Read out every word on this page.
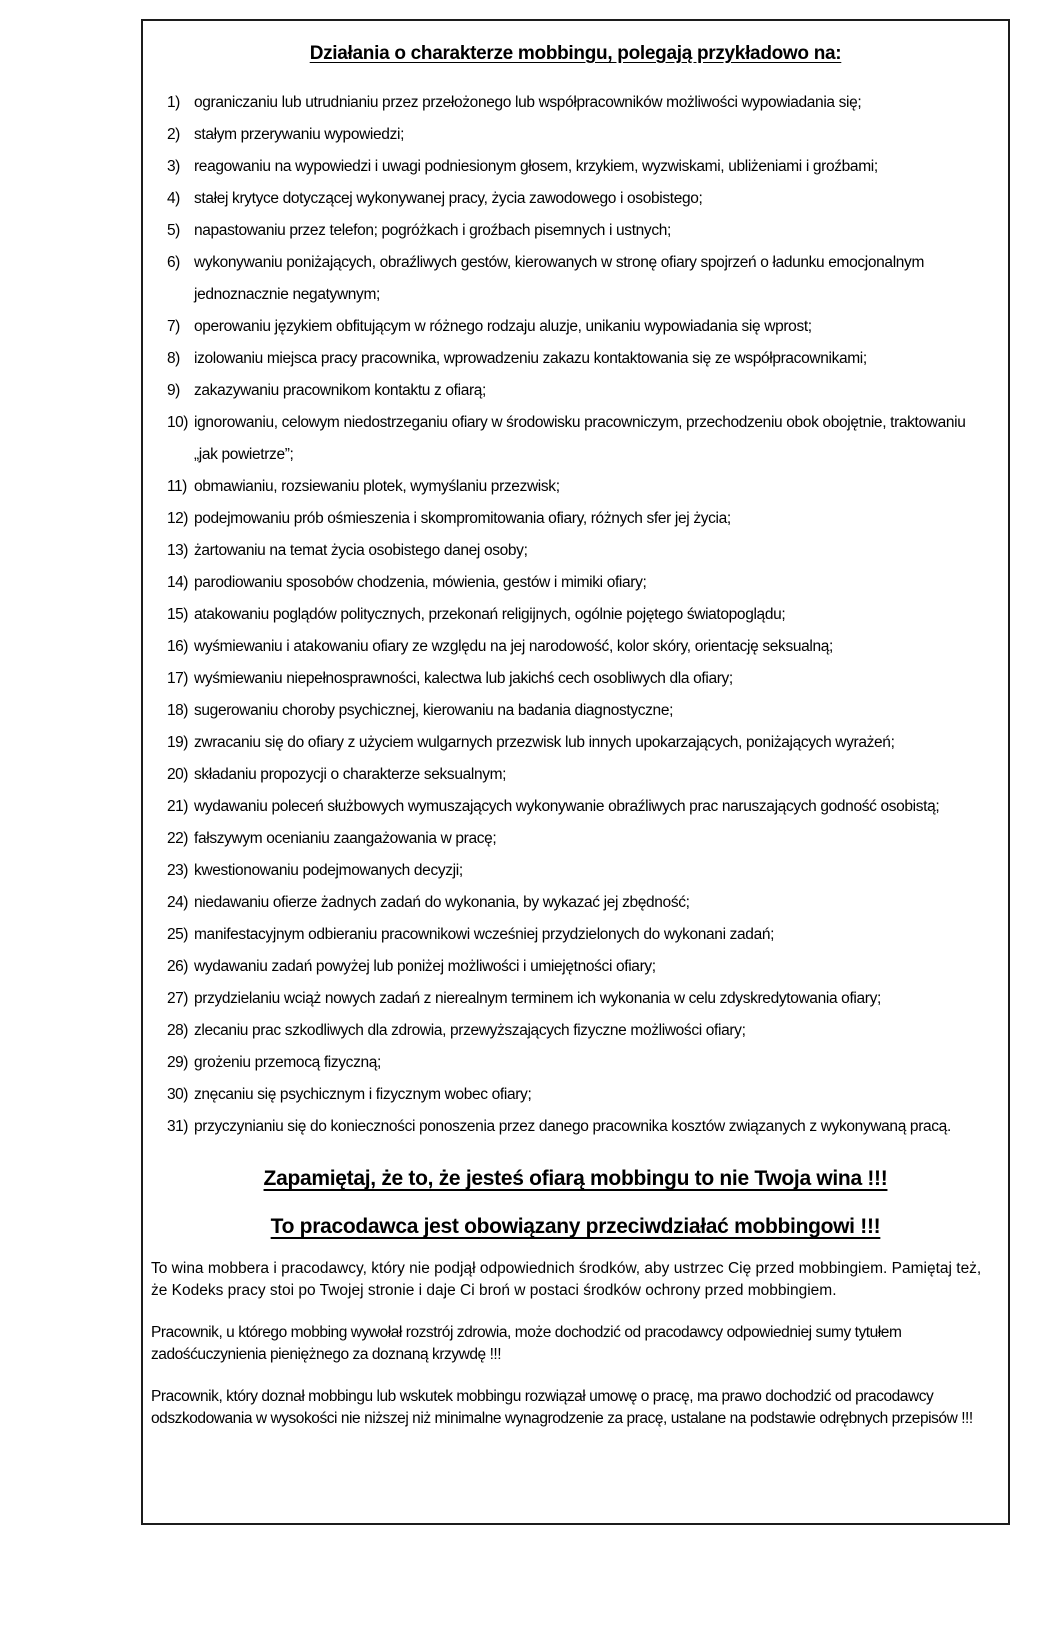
Działania o charakterze mobbingu, polegają przykładowo na:
1) ograniczaniu lub utrudnianiu przez przełożonego lub współpracowników możliwości wypowiadania się;
2) stałym przerywaniu wypowiedzi;
3) reagowaniu na wypowiedzi i uwagi podniesionym głosem, krzykiem, wyzwiskami, ubliżeniami i groźbami;
4) stałej krytyce dotyczącej wykonywanej pracy, życia zawodowego i osobistego;
5) napastowaniu przez telefon; pogróżkach i groźbach pisemnych i ustnych;
6) wykonywaniu poniżających, obraźliwych gestów, kierowanych w stronę ofiary spojrzeń o ładunku emocjonalnym jednoznacznie negatywnym;
7) operowaniu językiem obfitującym w różnego rodzaju aluzje, unikaniu wypowiadania się wprost;
8) izolowaniu miejsca pracy pracownika, wprowadzeniu zakazu kontaktowania się ze współpracownikami;
9) zakazywaniu pracownikom kontaktu z ofiarą;
10) ignorowaniu, celowym niedostrzeganiu ofiary w środowisku pracowniczym, przechodzeniu obok obojętnie, traktowaniu „jak powietrze”;
11) obmawianiu, rozsiewaniu plotek, wymyślaniu przezwisk;
12) podejmowaniu prób ośmieszenia i skompromitowania ofiary, różnych sfer jej życia;
13) żartowaniu na temat życia osobistego danej osoby;
14) parodiowaniu sposobów chodzenia, mówienia, gestów i mimiki ofiary;
15) atakowaniu poglądów politycznych, przekonań religijnych, ogólnie pojętego światopoglądu;
16) wyśmiewaniu i atakowaniu ofiary ze względu na jej narodowość, kolor skóry, orientację seksualną;
17) wyśmiewaniu niepełnosprawności, kalectwa lub jakichś cech osobliwych dla ofiary;
18) sugerowaniu choroby psychicznej, kierowaniu na badania diagnostyczne;
19) zwracaniu się do ofiary z użyciem wulgarnych przezwisk lub innych upokarzających, poniżających wyrażeń;
20) składaniu propozycji o charakterze seksualnym;
21) wydawaniu poleceń służbowych wymuszających wykonywanie obraźliwych prac naruszających godność osobistą;
22) fałszywym ocenianiu zaangażowania w pracę;
23) kwestionowaniu podejmowanych decyzji;
24) niedawaniu ofierze żadnych zadań do wykonania, by wykazać jej zbędność;
25) manifestacyjnym odbieraniu pracownikowi wcześniej przydzielonych do wykonani zadań;
26) wydawaniu zadań powyżej lub poniżej możliwości i umiejętności ofiary;
27) przydzielaniu wciąż nowych zadań z nierealnym terminem ich wykonania w celu zdyskredytowania ofiary;
28) zlecaniu prac szkodliwych dla zdrowia, przewyższających fizyczne możliwości ofiary;
29) grożeniu przemocą fizyczną;
30) znęcaniu się psychicznym i fizycznym wobec ofiary;
31) przyczynianiu się do konieczności ponoszenia przez danego pracownika kosztów związanych z wykonywaną pracą.
Zapamiętaj, że to, że jesteś ofiarą mobbingu to nie Twoja wina !!!
To pracodawca jest obowiązany przeciwdziałać mobbingowi !!!

To wina mobbera i pracodawcy, który nie podjął odpowiednich środków, aby ustrzec Cię przed mobbingiem. Pamiętaj też, że Kodeks pracy stoi po Twojej stronie i daje Ci broń w postaci środków ochrony przed mobbingiem.

Pracownik, u którego mobbing wywołał rozstrój zdrowia, może dochodzić od pracodawcy odpowiedniej sumy tytułem zadośćuczynienia pieniężnego za doznaną krzywdę !!!

Pracownik, który doznał mobbingu lub wskutek mobbingu rozwiązał umowę o pracę, ma prawo dochodzić od pracodawcy odszkodowania w wysokości nie niższej niż minimalne wynagrodzenie za pracę, ustalane na podstawie odrębnych przepisów !!!
